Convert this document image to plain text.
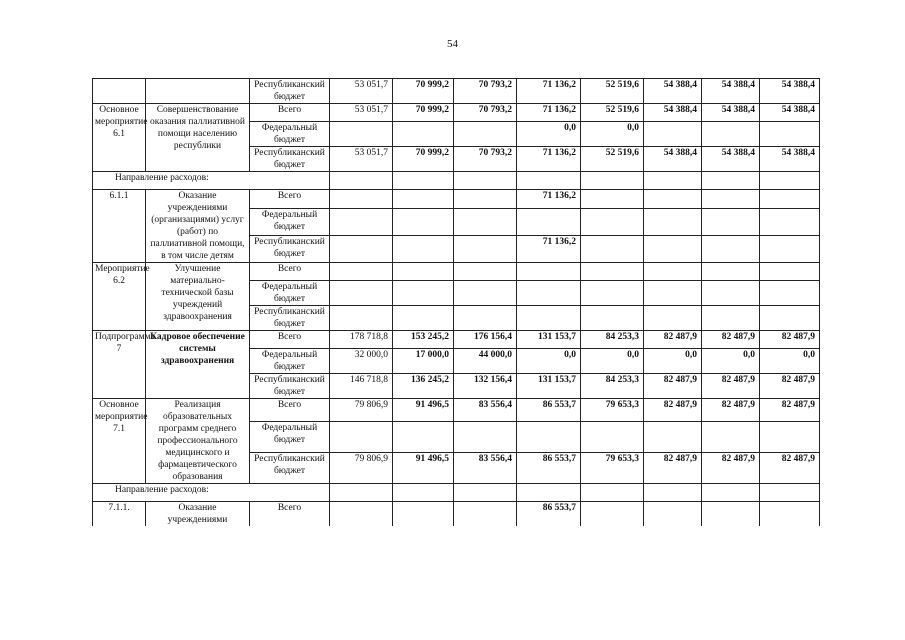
54
		Республиканский бюджет	53 051,7	70 999,2	70 793,2	71 136,2	52 519,6	54 388,4	54 388,4	54 388,4
Основное мероприятие 6.1	Совершенствование оказания паллиативной помощи населению республики	Всего	53 051,7	70 999,2	70 793,2	71 136,2	52 519,6	54 388,4	54 388,4	54 388,4
		Федеральный бюджет				0,0	0,0			
		Республиканский бюджет	53 051,7	70 999,2	70 793,2	71 136,2	52 519,6	54 388,4	54 388,4	54 388,4
Направление расходов:										
6.1.1	Оказание учреждениями (организациями) услуг (работ) по паллиативной помощи, в том числе детям	Всего				71 136,2				
		Федеральный бюджет								
		Республиканский бюджет				71 136,2				
Мероприятие 6.2	Улучшение материально-технической базы учреждений здравоохранения	Всего								
		Федеральный бюджет								
		Республиканский бюджет								
Подпрограмма 7	Кадровое обеспечение системы здравоохранения	Всего	178 718,8	153 245,2	176 156,4	131 153,7	84 253,3	82 487,9	82 487,9	82 487,9
		Федеральный бюджет	32 000,0	17 000,0	44 000,0	0,0	0,0	0,0	0,0	0,0
		Республиканский бюджет	146 718,8	136 245,2	132 156,4	131 153,7	84 253,3	82 487,9	82 487,9	82 487,9
Основное мероприятие 7.1	Реализация образовательных программ среднего профессионального медицинского и фармацевтического образования	Всего	79 806,9	91 496,5	83 556,4	86 553,7	79 653,3	82 487,9	82 487,9	82 487,9
		Федеральный бюджет								
		Республиканский бюджет	79 806,9	91 496,5	83 556,4	86 553,7	79 653,3	82 487,9	82 487,9	82 487,9
Направление расходов:										
7.1.1.	Оказание учреждениями	Всего				86 553,7				
